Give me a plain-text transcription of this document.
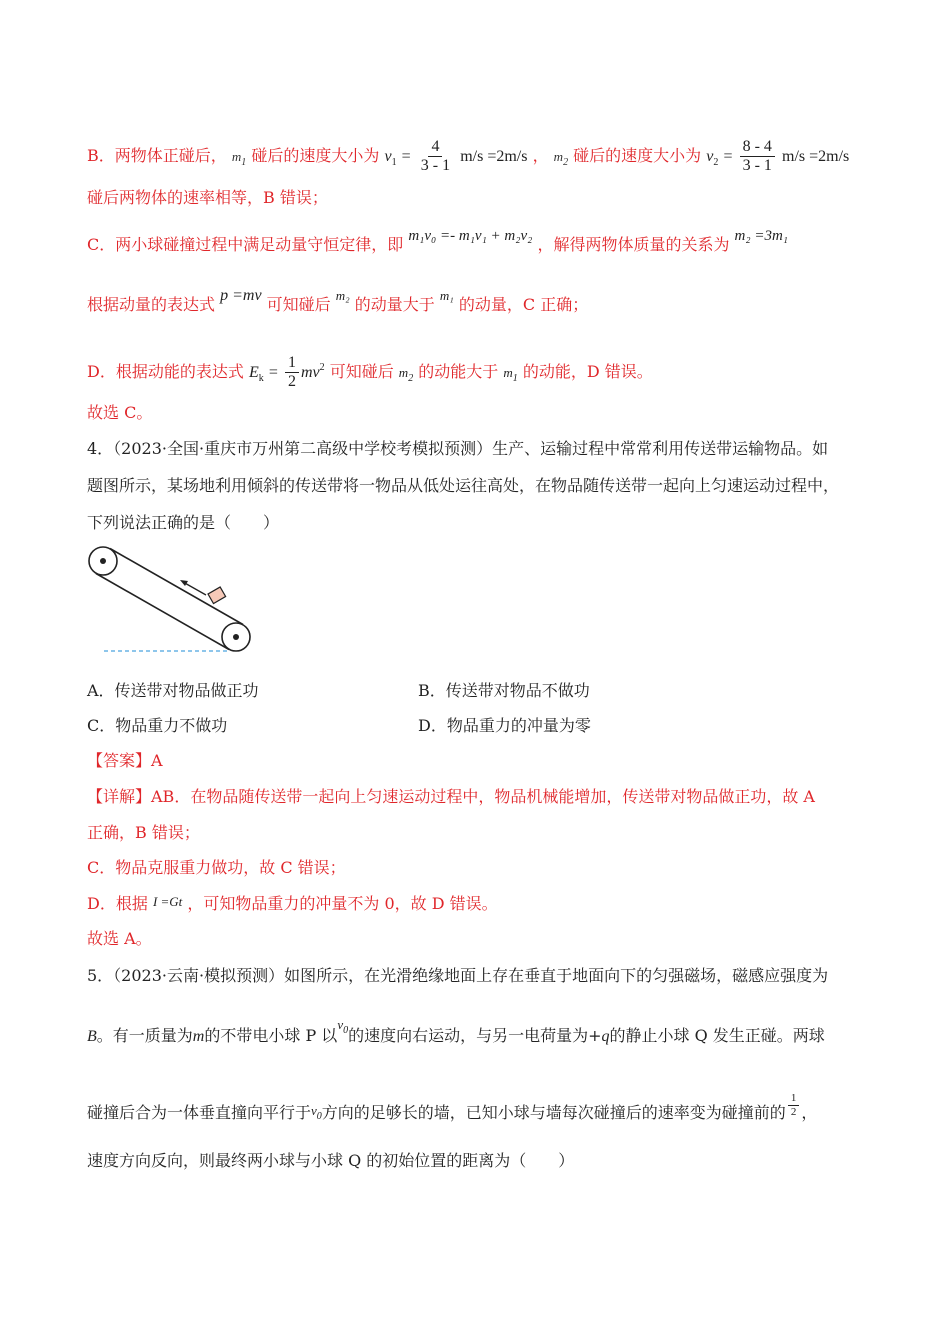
B．两物体正碰后， $m_1$ 碰后的速度大小为 $v_1 = \frac{4}{3 - 1} m/s =2m/s$ ， $m_2$ 碰后的速度大小为 $v_2 = \frac{8 - 4}{3 - 1} m/s =2m/s$
碰后两物体的速率相等，B 错误；
C．两小球碰撞过程中满足动量守恒定律，即 m₁v₀ =- m₁v₁ + m₂v₂ ，解得两物体质量的关系为 m₂ =3m₁
根据动量的表达式 p =mv 可知碰后 $^{m_2}$ 的动量大于 $^{m_1}$ 的动量，C 正确；
D．根据动能的表达式 $E_k = \frac{1}{2} mv^2$ 可知碰后 $m_2$ 的动能大于 $m_1$ 的动能，D 错误。
故选 C。
4．（2023·全国·重庆市万州第二高级中学校考模拟预测）生产、运输过程中常常利用传送带运输物品。如
题图所示，某场地利用倾斜的传送带将一物品从低处运往高处，在物品随传送带一起向上匀速运动过程中，
下列说法正确的是（　　）
A．传送带对物品做正功	B．传送带对物品不做功
C．物品重力不做功	D．物品重力的冲量为零
【答案】A
【详解】AB．在物品随传送带一起向上匀速运动过程中，物品机械能增加，传送带对物品做正功，故 A
正确，B 错误；
C．物品克服重力做功，故 C 错误；
D．根据 I =Gt ，可知物品重力的冲量不为 0，故 D 错误。
故选 A。
5．（2023·云南·模拟预测）如图所示，在光滑绝缘地面上存在垂直于地面向下的匀强磁场，磁感应强度为
B。有一质量为m的不带电小球 P 以$^{v_0}$的速度向右运动，与另一电荷量为+q的静止小球 Q 发生正碰。两球
碰撞后合为一体垂直撞向平行于$v_0$方向的足够长的墙，已知小球与墙每次碰撞后的速率变为碰撞前的 $\frac{1}{2}$ ，
速度方向反向，则最终两小球与小球 Q 的初始位置的距离为（　　）
